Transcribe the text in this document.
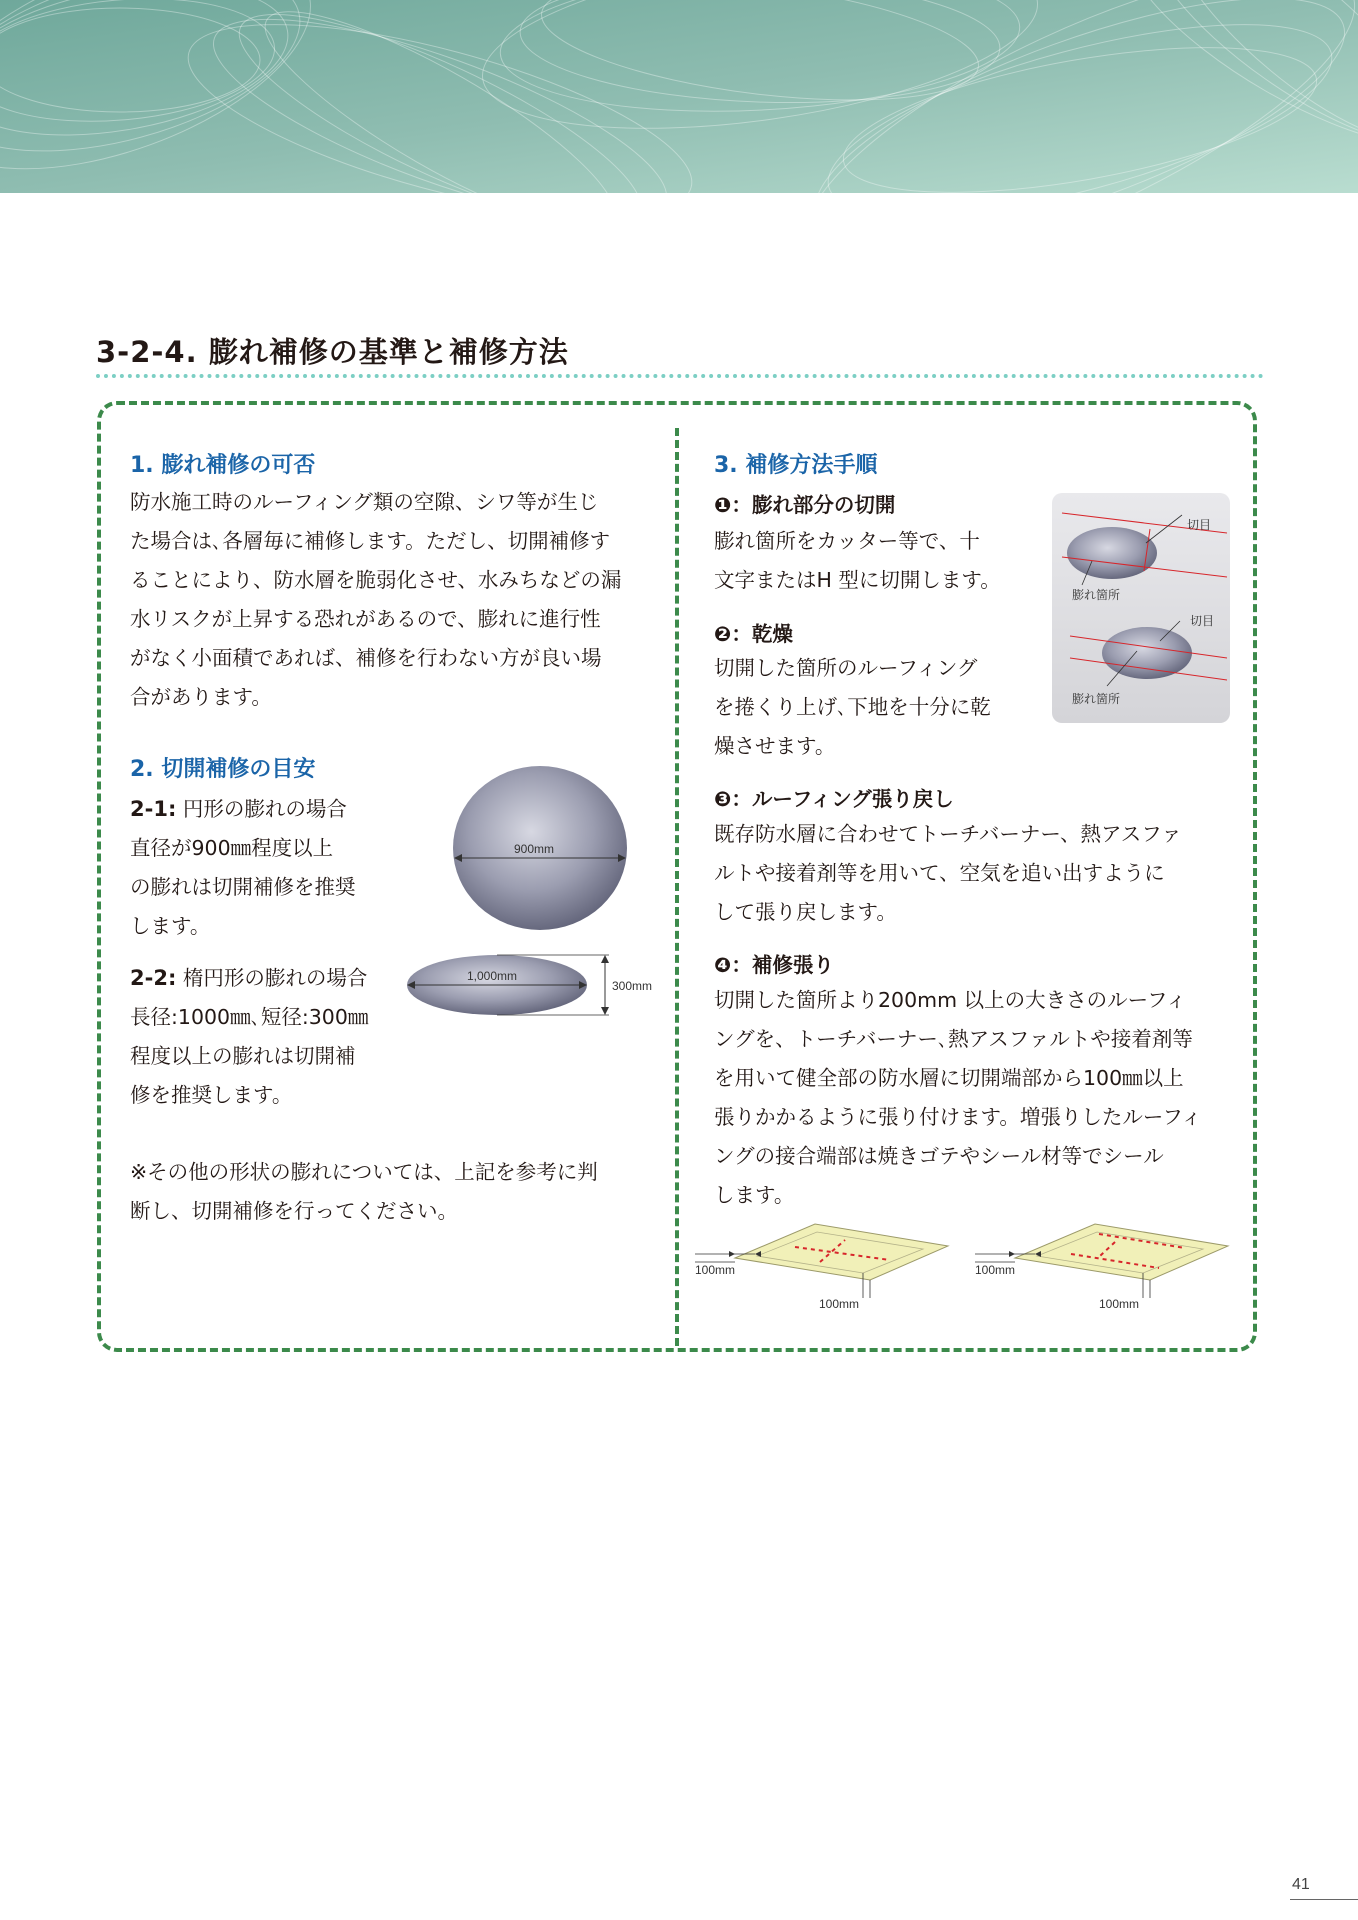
3-2-4. 膨れ補修の基準と補修方法
1. 膨れ補修の可否
防水施工時のルーフィング類の空隙、シワ等が生じ
た場合は､各層毎に補修します。ただし、切開補修す
ることにより、防水層を脆弱化させ、水みちなどの漏
水リスクが上昇する恐れがあるので、膨れに進行性
がなく小面積であれば、補修を行わない方が良い場
合があります。
2. 切開補修の目安
2-1: 円形の膨れの場合
直径が900㎜程度以上
の膨れは切開補修を推奨
します。
2-2: 楕円形の膨れの場合
長径:1000㎜､短径:300㎜
程度以上の膨れは切開補
修を推奨します。
※その他の形状の膨れについては、上記を参考に判
断し、切開補修を行ってください。
900mm
1,000mm
300mm
3. 補修方法手順
❶：膨れ部分の切開
膨れ箇所をカッター等で、十
文字またはH 型に切開します。
❷：乾燥
切開した箇所のルーフィング
を捲くり上げ､下地を十分に乾
燥させます。
切目
膨れ箇所
切目
膨れ箇所
❸：ルーフィング張り戻し
既存防水層に合わせてトーチバーナー、熱アスファ
ルトや接着剤等を用いて、空気を追い出すように
して張り戻します。
❹：補修張り
切開した箇所より200mm 以上の大きさのルーフィ
ングを、トーチバーナー､熱アスファルトや接着剤等
を用いて健全部の防水層に切開端部から100㎜以上
張りかかるように張り付けます。増張りしたルーフィ
ングの接合端部は焼きゴテやシール材等でシール
します。
100mm
100mm
100mm
100mm
41
